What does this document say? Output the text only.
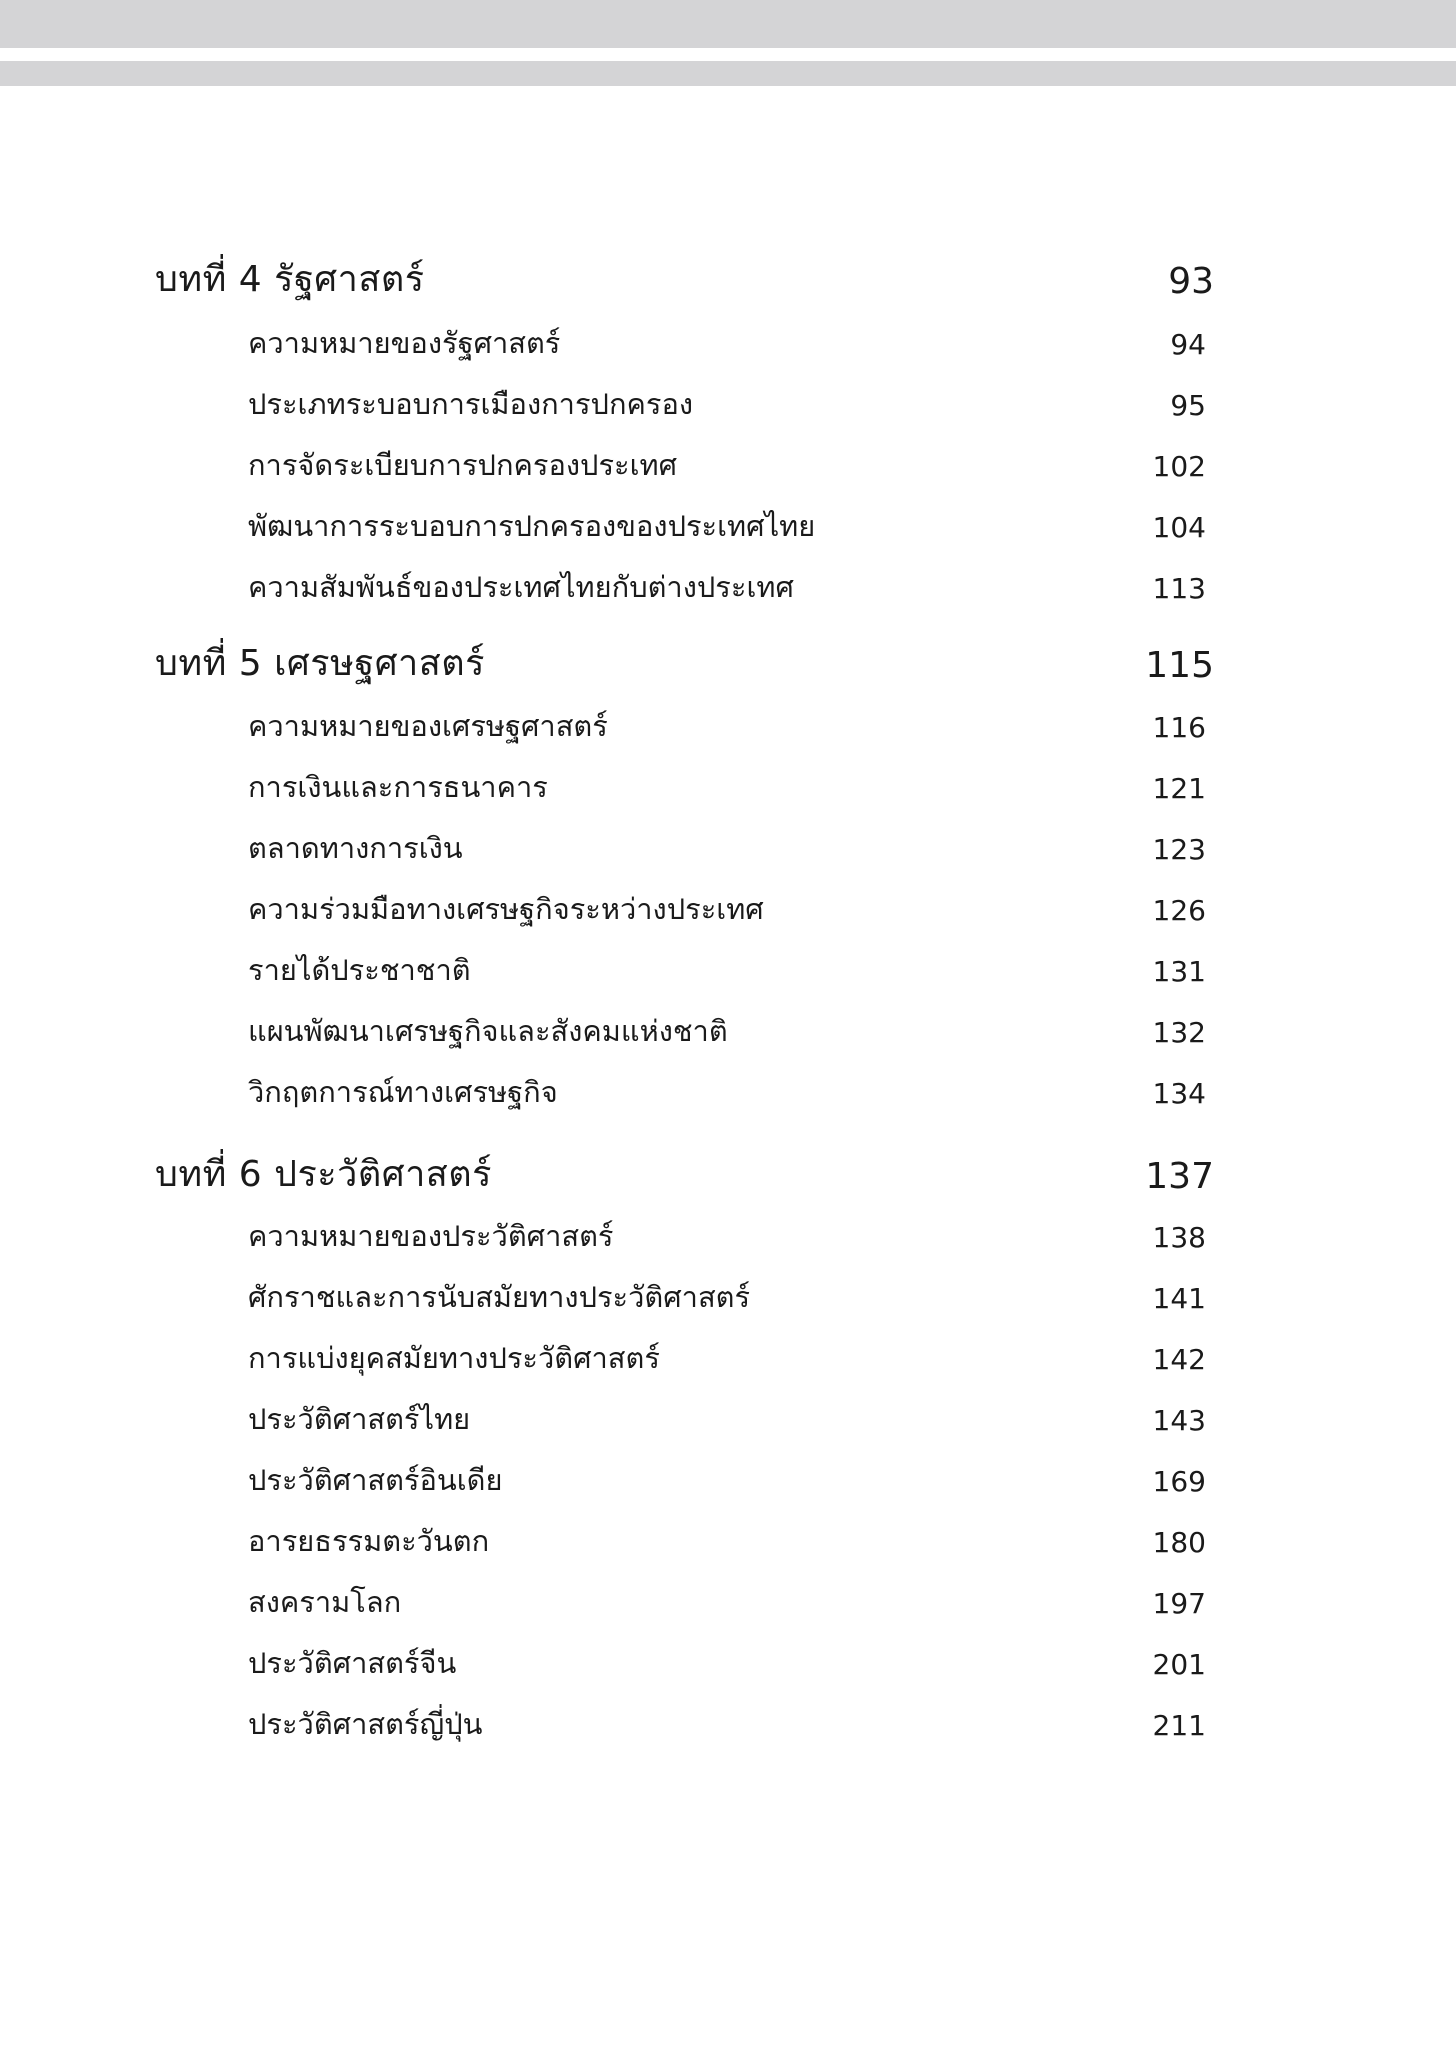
บทที่ 4 รัฐศาสตร์	93
ความหมายของรัฐศาสตร์	94
ประเภทระบอบการเมืองการปกครอง	95
การจัดระเบียบการปกครองประเทศ	102
พัฒนาการระบอบการปกครองของประเทศไทย	104
ความสัมพันธ์ของประเทศไทยกับต่างประเทศ	113
บทที่ 5 เศรษฐศาสตร์	115
ความหมายของเศรษฐศาสตร์	116
การเงินและการธนาคาร	121
ตลาดทางการเงิน	123
ความร่วมมือทางเศรษฐกิจระหว่างประเทศ	126
รายได้ประชาชาติ	131
แผนพัฒนาเศรษฐกิจและสังคมแห่งชาติ	132
วิกฤตการณ์ทางเศรษฐกิจ	134
บทที่ 6 ประวัติศาสตร์	137
ความหมายของประวัติศาสตร์	138
ศักราชและการนับสมัยทางประวัติศาสตร์	141
การแบ่งยุคสมัยทางประวัติศาสตร์	142
ประวัติศาสตร์ไทย	143
ประวัติศาสตร์อินเดีย	169
อารยธรรมตะวันตก	180
สงครามโลก	197
ประวัติศาสตร์จีน	201
ประวัติศาสตร์ญี่ปุ่น	211
